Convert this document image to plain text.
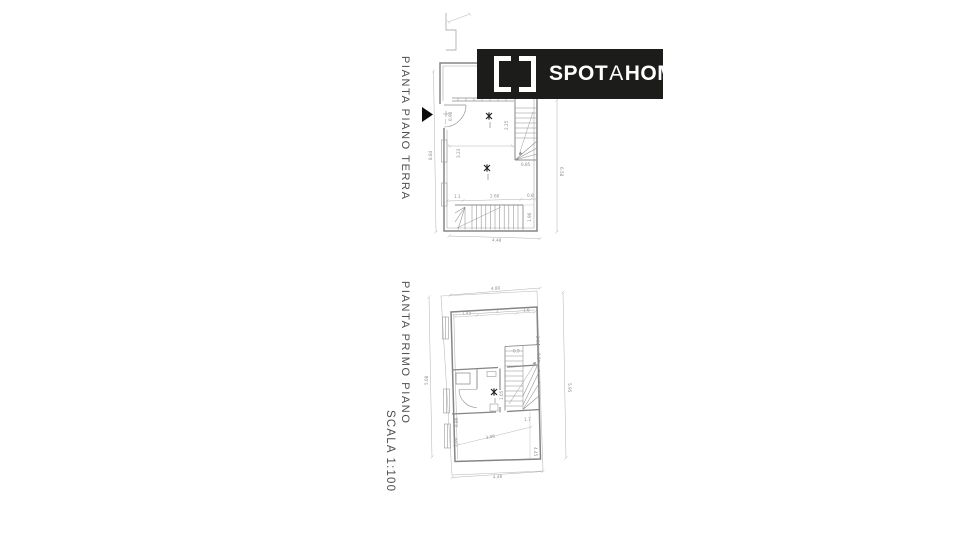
0.90
3.23
2.25
6.85
1.90
1.1	2.60	0.8
8.84
6.58
4.48
4.80
1.45	2	1.6
2.54
0.6
0.9
1.05
3.06
1.7
4.45
0.80
3.00
5.08
5.95
4.48
PIANTA PIANO TERRA
PIANTA PRIMO PIANO
SCALA 1:100
SPOT A HOME
